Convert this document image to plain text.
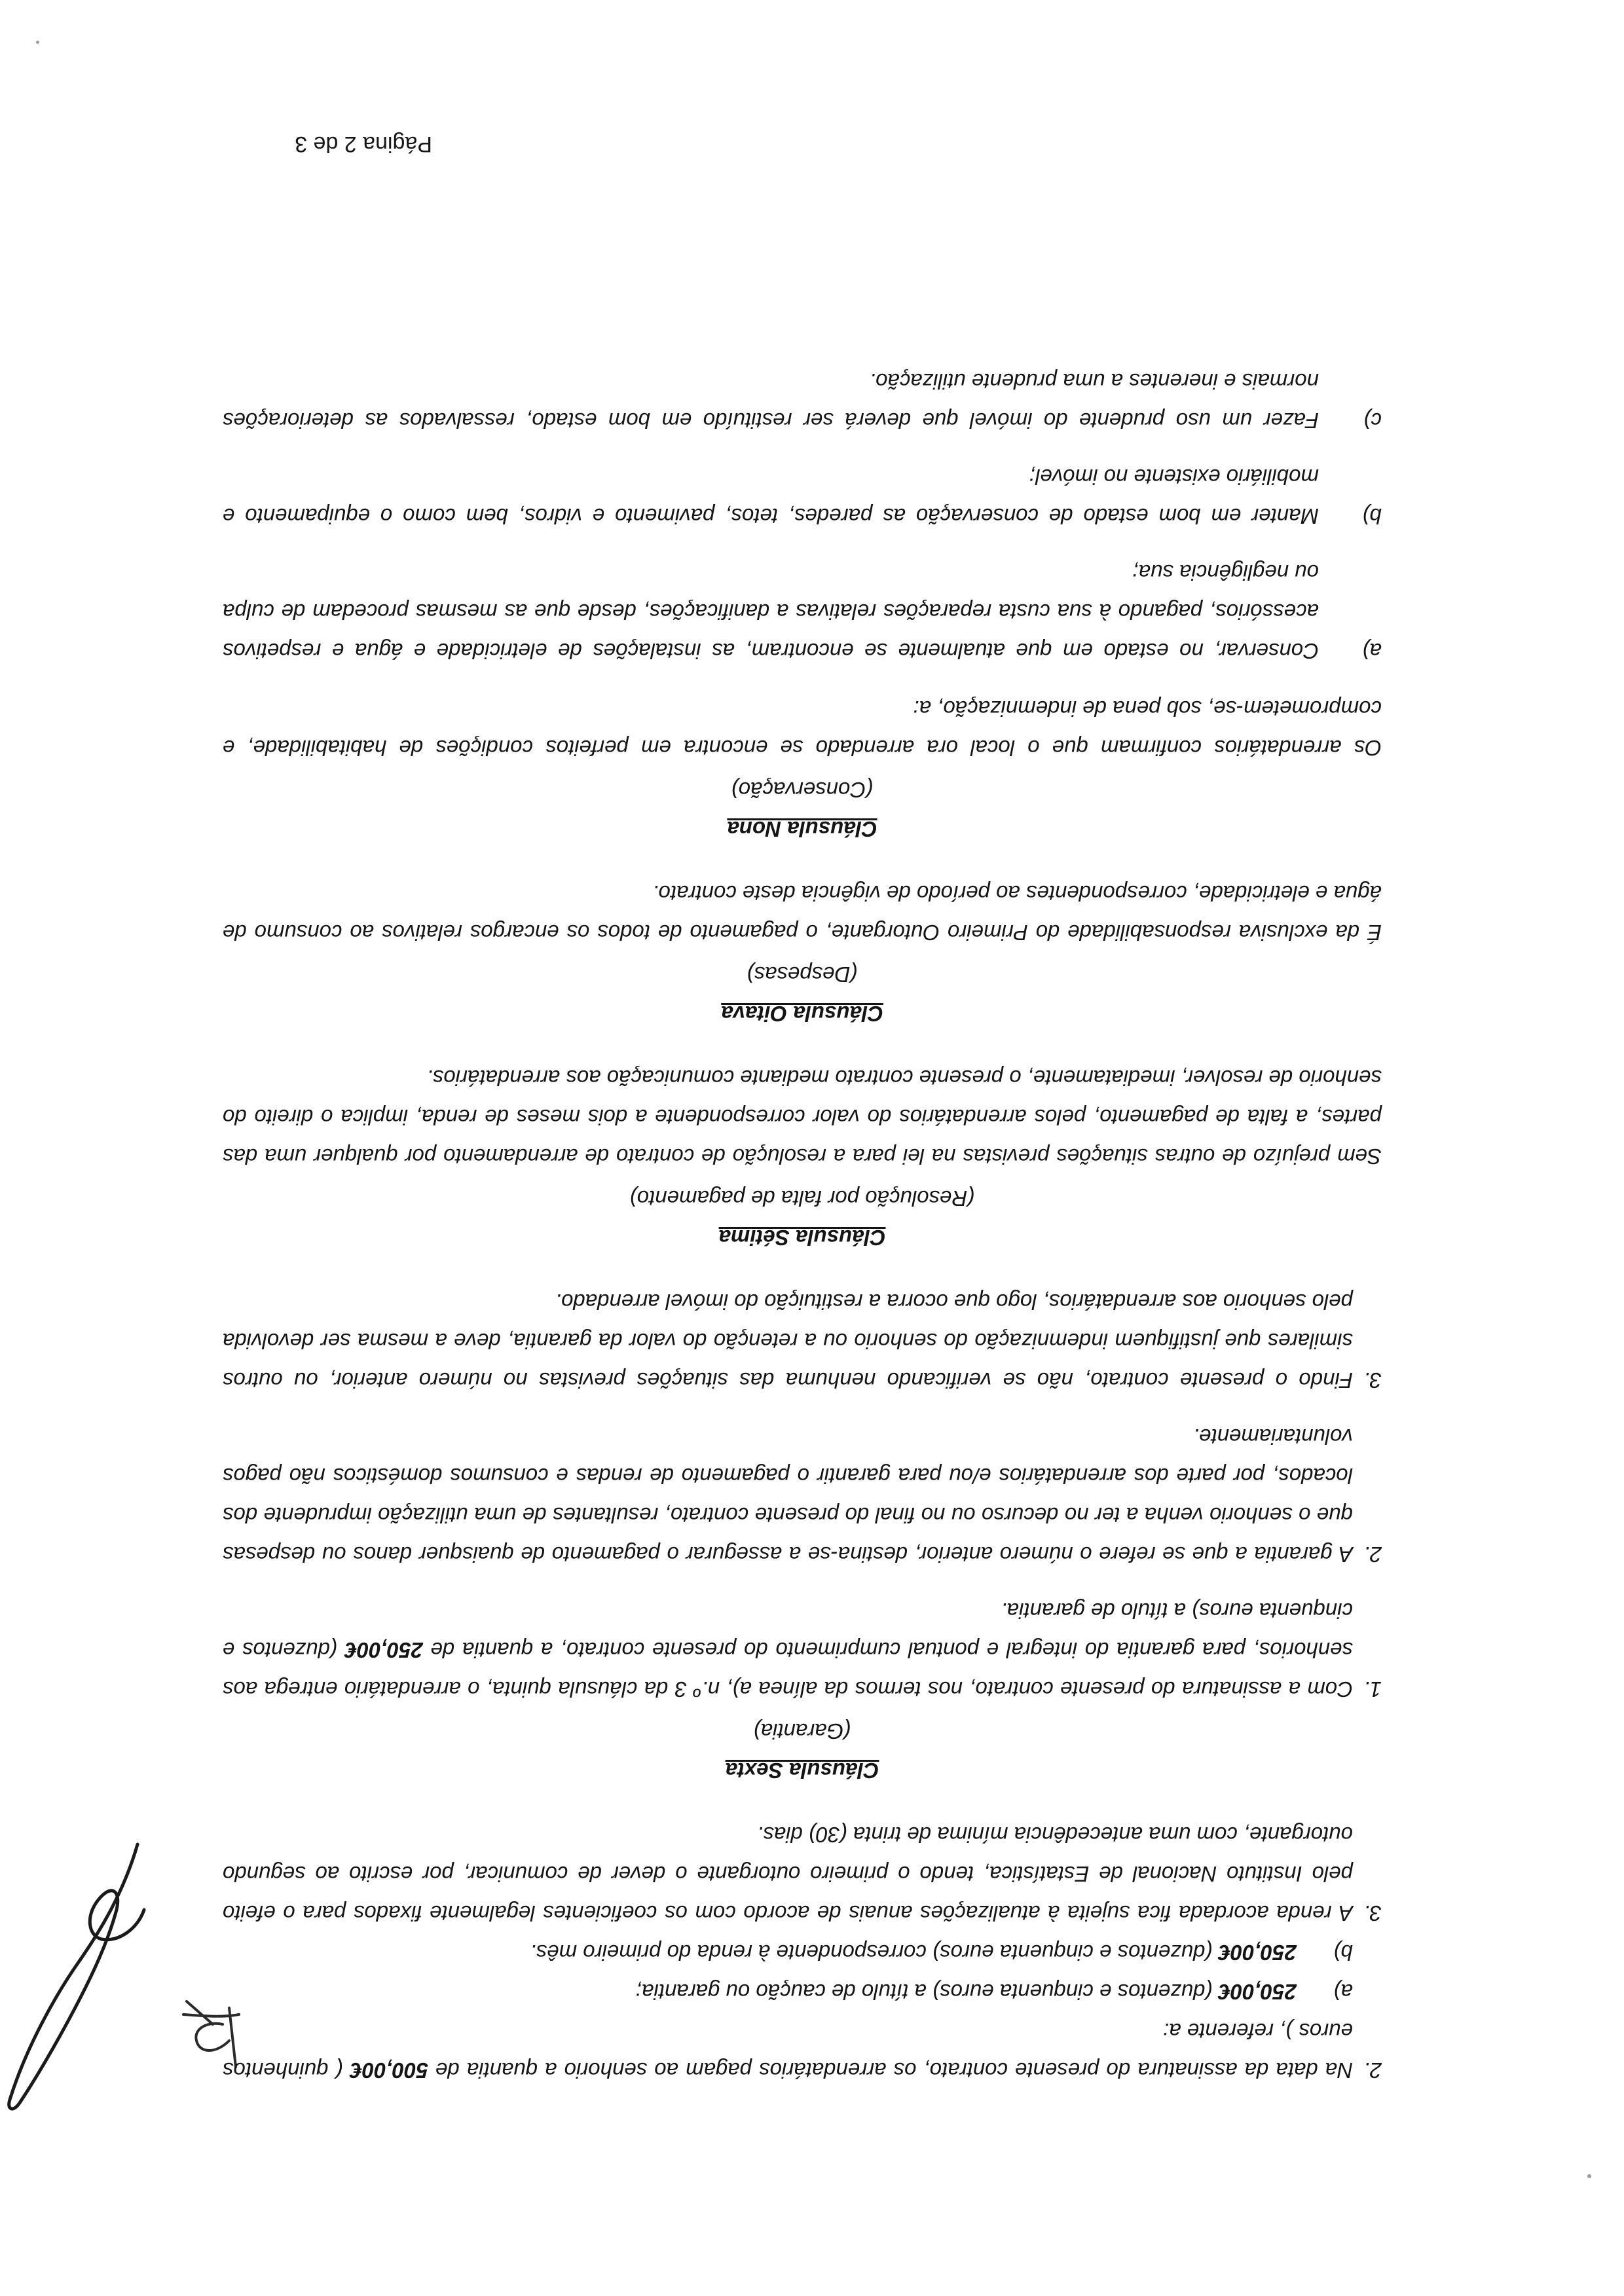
2.
Na data da assinatura do presente contrato, os arrendatários pagam ao senhorio a quantia de 500,00€ ( quinhentos euros ), referente a:
a)
250,00€ (duzentos e cinquenta euros) a título de caução ou garantia;
b)
250,00€ (duzentos e cinquenta euros) correspondente à renda do primeiro mês.
3.
A renda acordada fica sujeita à atualizações anuais de acordo com os coeficientes legalmente fixados para o efeito pelo Instituto Nacional de Estatística, tendo o primeiro outorgante o dever de comunicar, por escrito ao segundo outorgante, com uma antecedência mínima de trinta (30) dias.
Cláusula Sexta
(Garantia)
1.
Com a assinatura do presente contrato, nos termos da alínea a), n.º 3 da cláusula quinta, o arrendatário entrega aos senhorios, para garantia do integral e pontual cumprimento do presente contrato, a quantia de 250,00€ (duzentos e cinquenta euros) a título de garantia.
2.
A garantia a que se refere o número anterior, destina-se a assegurar o pagamento de quaisquer danos ou despesas que o senhorio venha a ter no decurso ou no final do presente contrato, resultantes de uma utilização imprudente dos locados, por parte dos arrendatários e/ou para garantir o pagamento de rendas e consumos domésticos não pagos voluntariamente.
3.
Findo o presente contrato, não se verificando nenhuma das situações previstas no número anterior, ou outros similares que justifiquem indemnização do senhorio ou a retenção do valor da garantia, deve a mesma ser devolvida pelo senhorio aos arrendatários, logo que ocorra a restituição do imóvel arrendado.
Cláusula Sétima
(Resolução por falta de pagamento)
Sem prejuízo de outras situações previstas na lei para a resolução de contrato de arrendamento por qualquer uma das partes, a falta de pagamento, pelos arrendatários do valor correspondente a dois meses de renda, implica o direito do senhorio de resolver, imediatamente, o presente contrato mediante comunicação aos arrendatários.
Cláusula Oitava
(Despesas)
É da exclusiva responsabilidade do Primeiro Outorgante, o pagamento de todos os encargos relativos ao consumo de água e eletricidade, correspondentes ao período de vigência deste contrato.
Cláusula Nona
(Conservação)
Os arrendatários confirmam que o local ora arrendado se encontra em perfeitos condições de habitabilidade, e comprometem-se, sob pena de indemnização, a:
a)
Conservar, no estado em que atualmente se encontram, as instalações de eletricidade e água e respetivos acessórios, pagando à sua custa reparações relativas a danificações, desde que as mesmas procedam de culpa ou negligência sua;
b)
Manter em bom estado de conservação as paredes, tetos, pavimento e vidros, bem como o equipamento e mobiliário existente no imóvel;
c)
Fazer um uso prudente do imóvel que deverá ser restituído em bom estado, ressalvados as deteriorações normais e inerentes a uma prudente utilização.
Página 2 de 3
